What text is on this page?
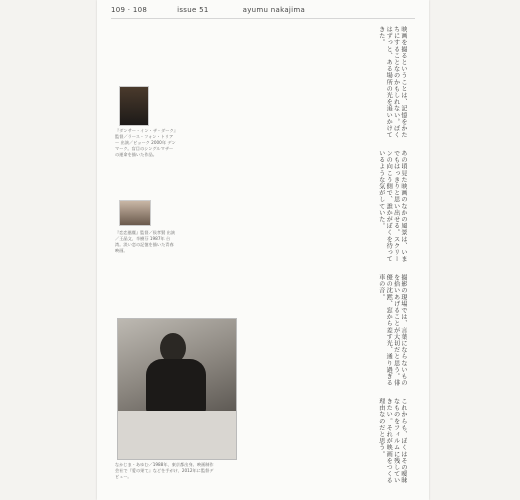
109 · 108	issue 51	ayumu nakajima
『ダンサー・イン・ザ・ダーク』監督／ラース・フォン・トリアー 出演／ビョーク 2000年 デンマーク。盲目のシングルマザーの運命を描いた作品。
『恋恋風塵』監督／侯孝賢 出演／王晶文、辛樹芬 1987年 台湾。淡い恋の記憶を描いた青春映画。
なかじま・あゆむ／1988年、東京都出身。映画制作会社で『愛の果て』などを手がけ、2012年に監督デビュー。
映画を撮るということは、記憶をかたちにすることなのかもしれない。ぼくはずっと、ある場所の光を追いかけてきた。
あの頃見た映画のなかの風景は、いまでもはっきりと思い出せる。スクリーンの向こう側で、誰かがぼくを待っているような気がしていた。
撮影の現場では、言葉にならないものを拾いあげることが大切だと思う。俳優の沈黙、窓から差す光、通り過ぎる車の音。
これからも、ぼくはその曖昧なものをフィルムに残していきたい。それが映画をつくる理由なのだと思う。
